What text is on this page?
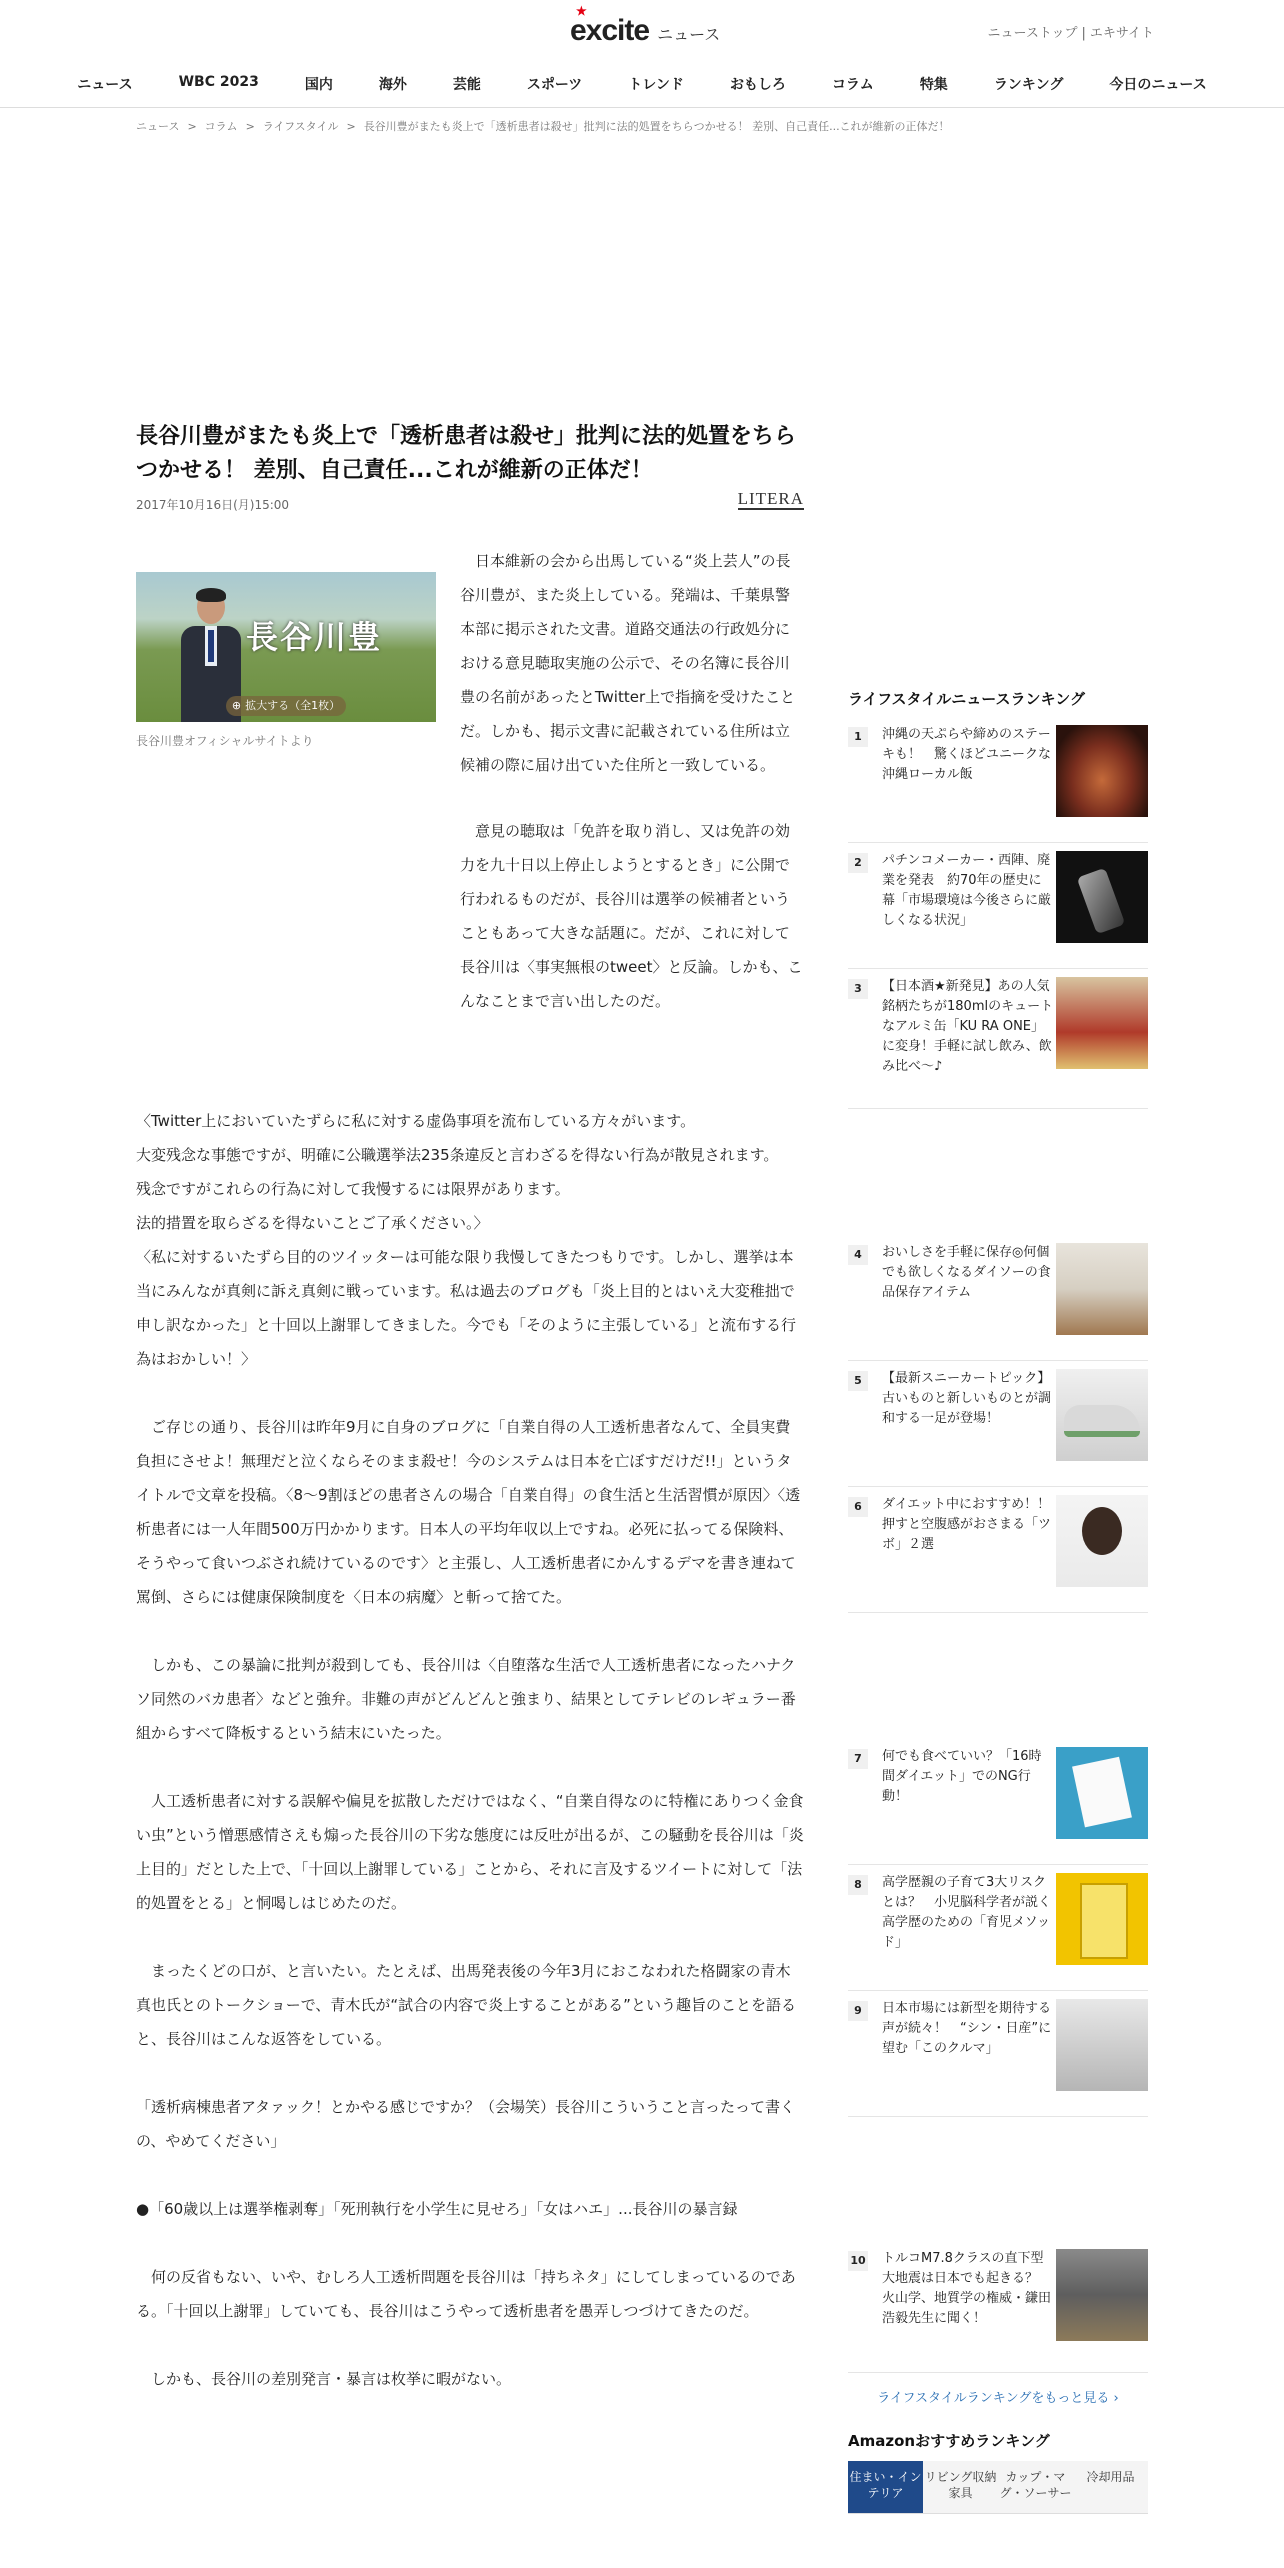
★
excite ニュース	ニューストップ | エキサイト
ニュース	WBC 2023	国内	海外	芸能	スポーツ	トレンド	おもしろ	コラム	特集	ランキング	今日のニュース
ニュース > コラム > ライフスタイル > 長谷川豊がまたも炎上で「透析患者は殺せ」批判に法的処置をちらつかせる！ 差別、自己責任...これが維新の正体だ！
長谷川豊がまたも炎上で「透析患者は殺せ」批判に法的処置をちらつかせる！ 差別、自己責任...これが維新の正体だ！
2017年10月16日(月)15:00	LITERA
長谷川豊
⊕ 拡大する（全1枚）
長谷川豊オフィシャルサイトより

日本維新の会から出馬している“炎上芸人”の長谷川豊が、また炎上している。発端は、千葉県警本部に掲示された文書。道路交通法の行政処分における意見聴取実施の公示で、その名簿に長谷川豊の名前があったとTwitter上で指摘を受けたことだ。しかも、掲示文書に記載されている住所は立候補の際に届け出ていた住所と一致している。

意見の聴取は「免許を取り消し、又は免許の効力を九十日以上停止しようとするとき」に公開で行われるものだが、長谷川は選挙の候補者ということもあって大きな話題に。だが、これに対して長谷川は〈事実無根のtweet〉と反論。しかも、こんなことまで言い出したのだ。

〈Twitter上においていたずらに私に対する虚偽事項を流布している方々がいます。
大変残念な事態ですが、明確に公職選挙法235条違反と言わざるを得ない行為が散見されます。
残念ですがこれらの行為に対して我慢するには限界があります。
法的措置を取らざるを得ないことご了承ください。〉
〈私に対するいたずら目的のツイッターは可能な限り我慢してきたつもりです。しかし、選挙は本当にみんなが真剣に訴え真剣に戦っています。私は過去のブログも「炎上目的とはいえ大変稚拙で申し訳なかった」と十回以上謝罪してきました。今でも「そのように主張している」と流布する行為はおかしい！〉

ご存じの通り、長谷川は昨年9月に自身のブログに「自業自得の人工透析患者なんて、全員実費負担にさせよ！無理だと泣くならそのまま殺せ！今のシステムは日本を亡ぼすだけだ!!」というタイトルで文章を投稿。〈8～9割ほどの患者さんの場合「自業自得」の食生活と生活習慣が原因〉〈透析患者には一人年間500万円かかります。日本人の平均年収以上ですね。必死に払ってる保険料、そうやって食いつぶされ続けているのです〉と主張し、人工透析患者にかんするデマを書き連ねて罵倒、さらには健康保険制度を〈日本の病魔〉と斬って捨てた。

しかも、この暴論に批判が殺到しても、長谷川は〈自堕落な生活で人工透析患者になったハナクソ同然のバカ患者〉などと強弁。非難の声がどんどんと強まり、結果としてテレビのレギュラー番組からすべて降板するという結末にいたった。

人工透析患者に対する誤解や偏見を拡散しただけではなく、“自業自得なのに特権にありつく金食い虫”という憎悪感情さえも煽った長谷川の下劣な態度には反吐が出るが、この騒動を長谷川は「炎上目的」だとした上で、「十回以上謝罪している」ことから、それに言及するツイートに対して「法的処置をとる」と恫喝しはじめたのだ。

まったくどの口が、と言いたい。たとえば、出馬発表後の今年3月におこなわれた格闘家の青木真也氏とのトークショーで、青木氏が“試合の内容で炎上することがある”という趣旨のことを語ると、長谷川はこんな返答をしている。

「透析病棟患者アタァック！とかやる感じですか？（会場笑）長谷川こういうこと言ったって書くの、やめてください」

●「60歳以上は選挙権剥奪」「死刑執行を小学生に見せろ」「女はハエ」...長谷川の暴言録

何の反省もない、いや、むしろ人工透析問題を長谷川は「持ちネタ」にしてしまっているのである。「十回以上謝罪」していても、長谷川はこうやって透析患者を愚弄しつづけてきたのだ。

しかも、長谷川の差別発言・暴言は枚挙に暇がない。

ライフスタイルニュースランキング
1	沖縄の天ぷらや締めのステーキも！　驚くほどユニークな沖縄ローカル飯
2	パチンコメーカー・西陣、廃業を発表　約70年の歴史に幕「市場環境は今後さらに厳しくなる状況」
3	【日本酒★新発見】あの人気銘柄たちが180mlのキュートなアルミ缶「KU RA ONE」に変身！手軽に試し飲み、飲み比べ～♪
4	おいしさを手軽に保存◎何個でも欲しくなるダイソーの食品保存アイテム
5	【最新スニーカートピック】古いものと新しいものとが調和する一足が登場！
6	ダイエット中におすすめ！！押すと空腹感がおさまる「ツボ」２選
7	何でも食べていい？「16時間ダイエット」でのNG行動！
8	高学歴親の子育て3大リスクとは？　小児脳科学者が説く高学歴のための「育児メソッド」
9	日本市場には新型を期待する声が続々！　“シン・日産”に望む「このクルマ」
10 トルコM7.8クラスの直下型大地震は日本でも起きる？　火山学、地質学の権威・鎌田浩毅先生に聞く！
ライフスタイルランキングをもっと見る ›
Amazonおすすめランキング
住まい・インテリア
リビング収納家具
カップ・マグ・ソーサー
冷却用品
